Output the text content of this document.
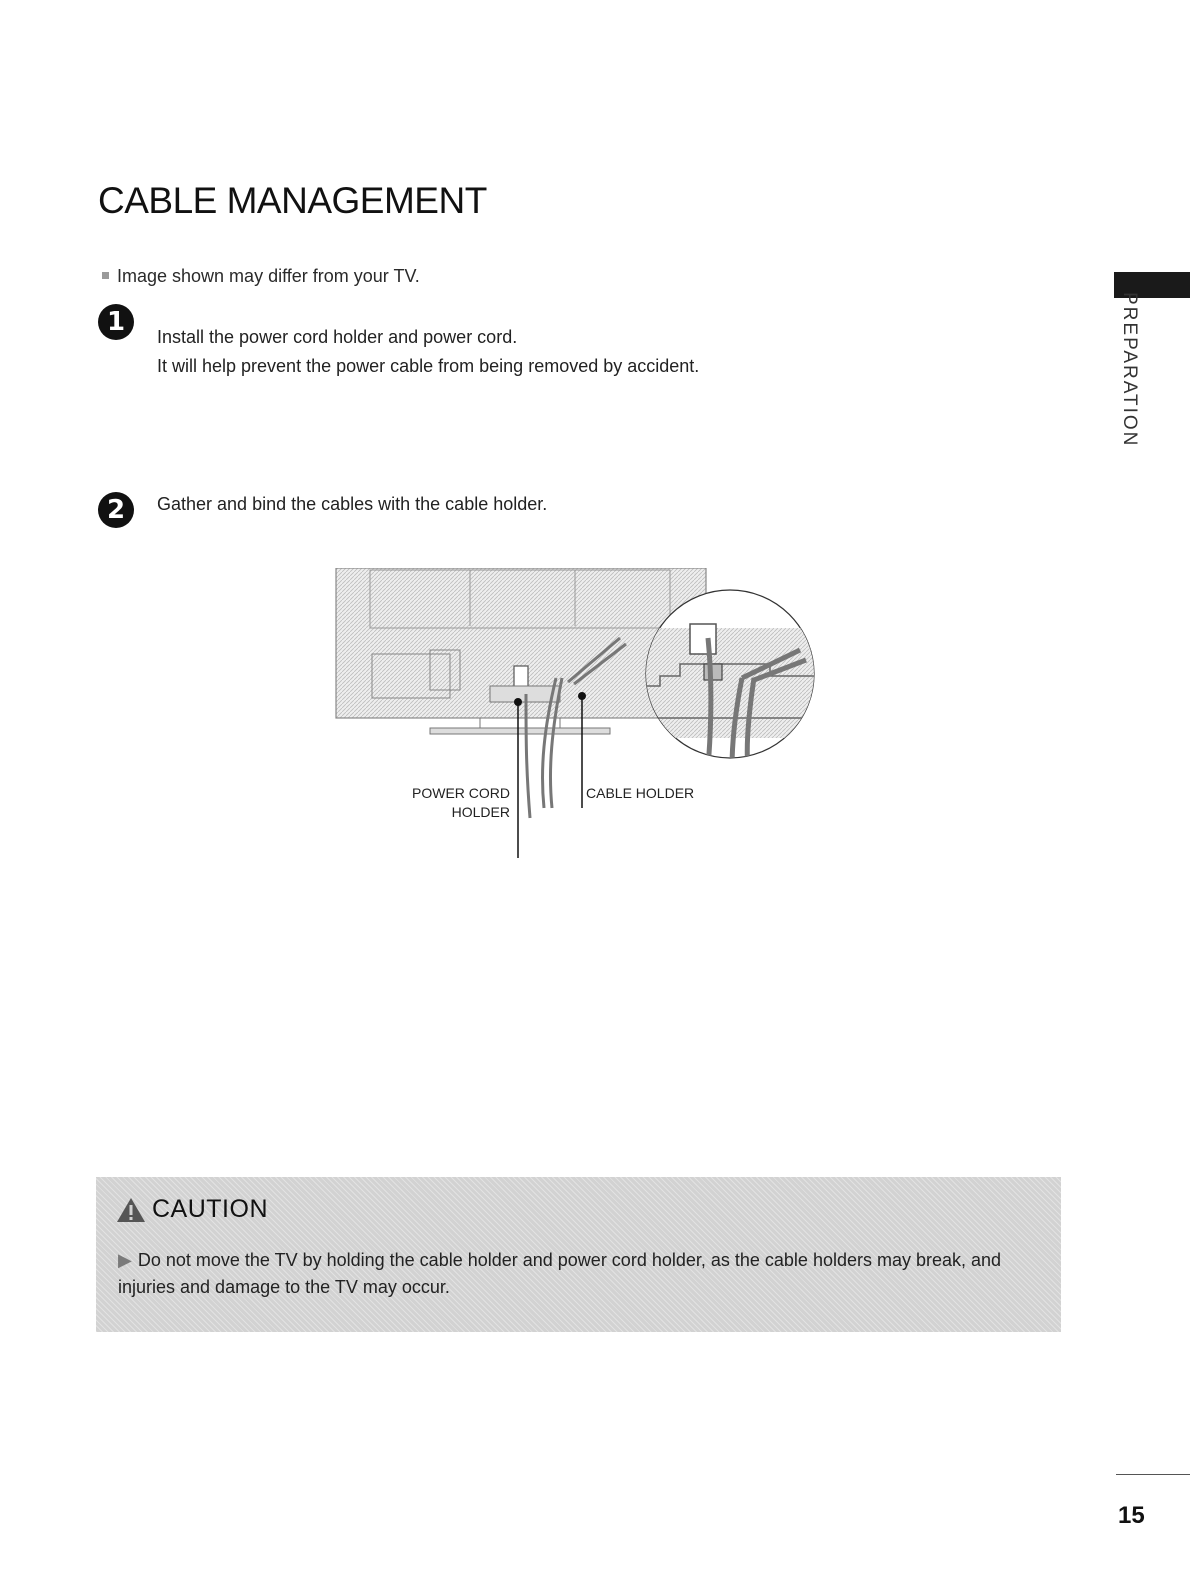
CABLE MANAGEMENT
Image shown may differ from your TV.
1	Install the power cord holder and power cord.
It will help prevent the power cable from being removed by accident.
2	Gather and bind the cables with the cable holder.
PREPARATION
POWER CORD
HOLDER
CABLE HOLDER
CAUTION
▶ Do not move the TV by holding the cable holder and power cord holder, as the cable holders may break, and injuries and damage to the TV may occur.
15
